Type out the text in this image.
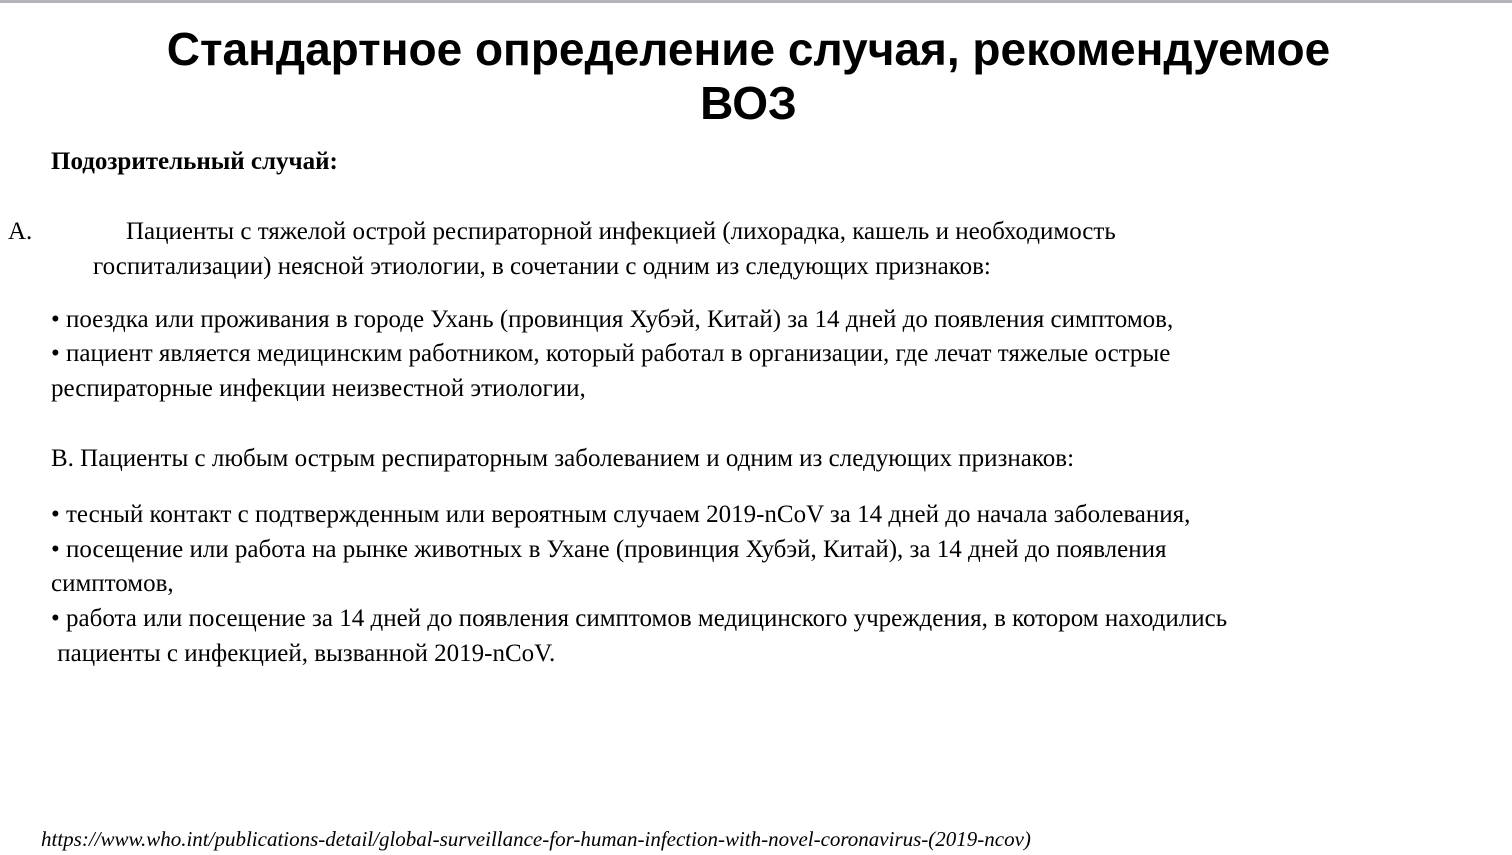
Стандартное определение случая, рекомендуемое
ВОЗ

Подозрительный случай:

A.	Пациенты с тяжелой острой респираторной инфекцией (лихорадка, кашель и необходимость

госпитализации) неясной этиологии, в сочетании с одним из следующих признаков:

• поездка или проживания в городе Ухань (провинция Хубэй, Китай) за 14 дней до появления симптомов,

• пациент является медицинским работником, который работал в организации, где лечат тяжелые острые

респираторные инфекции неизвестной этиологии,

B. Пациенты с любым острым респираторным заболеванием и одним из следующих признаков:

• тесный контакт с подтвержденным или вероятным случаем 2019-nCoV за 14 дней до начала заболевания,

• посещение или работа на рынке животных в Ухане (провинция Хубэй, Китай), за 14 дней до появления

симптомов,

• работа или посещение за 14 дней до появления симптомов медицинского учреждения, в котором находились

пациенты с инфекцией, вызванной 2019-nCoV.

https://www.who.int/publications-detail/global-surveillance-for-human-infection-with-novel-coronavirus-(2019-ncov)
